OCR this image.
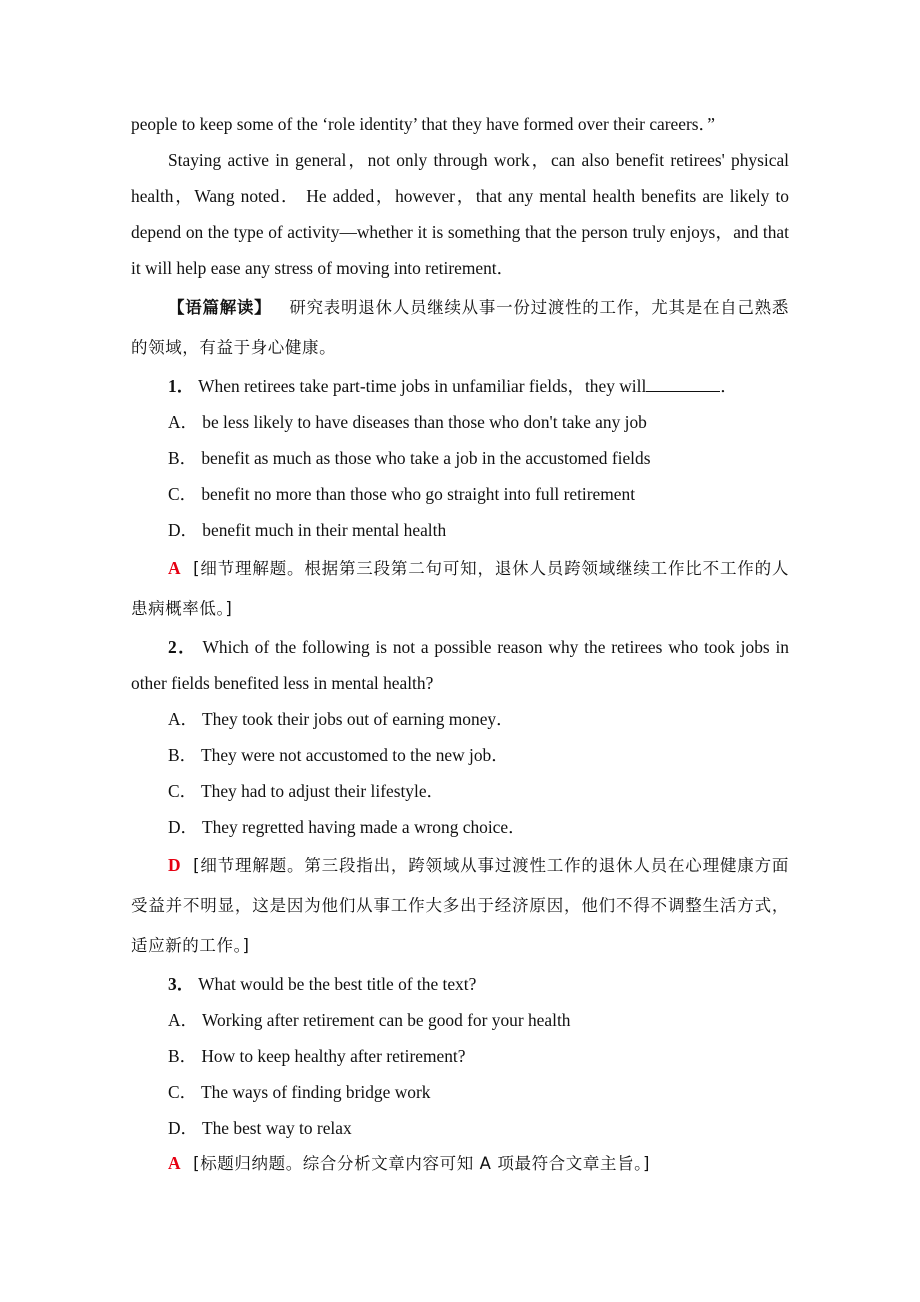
people to keep some of the ‘role identity’ that they have formed over their careers．”
Staying active in general，not only through work，can also benefit retirees' physical health，Wang noted． He added，however，that any mental health benefits are likely to depend on the type of activity—whether it is something that the person truly enjoys，and that it will help ease any stress of moving into retirement．
【语篇解读】 研究表明退休人员继续从事一份过渡性的工作，尤其是在自己熟悉的领域，有益于身心健康。
1． When retirees take part-time jobs in unfamiliar fields，they will	．
A． be less likely to have diseases than those who don't take any job
B． benefit as much as those who take a job in the accustomed fields
C． benefit no more than those who go straight into full retirement
D． benefit much in their mental health
A [细节理解题。根据第三段第二句可知，退休人员跨领域继续工作比不工作的人患病概率低。]
2． Which of the following is not a possible reason why the retirees who took jobs in other fields benefited less in mental health?
A． They took their jobs out of earning money．
B． They were not accustomed to the new job．
C． They had to adjust their lifestyle．
D． They regretted having made a wrong choice．
D [细节理解题。第三段指出，跨领域从事过渡性工作的退休人员在心理健康方面受益并不明显，这是因为他们从事工作大多出于经济原因，他们不得不调整生活方式，适应新的工作。]
3． What would be the best title of the text?
A． Working after retirement can be good for your health
B． How to keep healthy after retirement?
C． The ways of finding bridge work
D． The best way to relax
A [标题归纳题。综合分析文章内容可知 A 项最符合文章主旨。]
